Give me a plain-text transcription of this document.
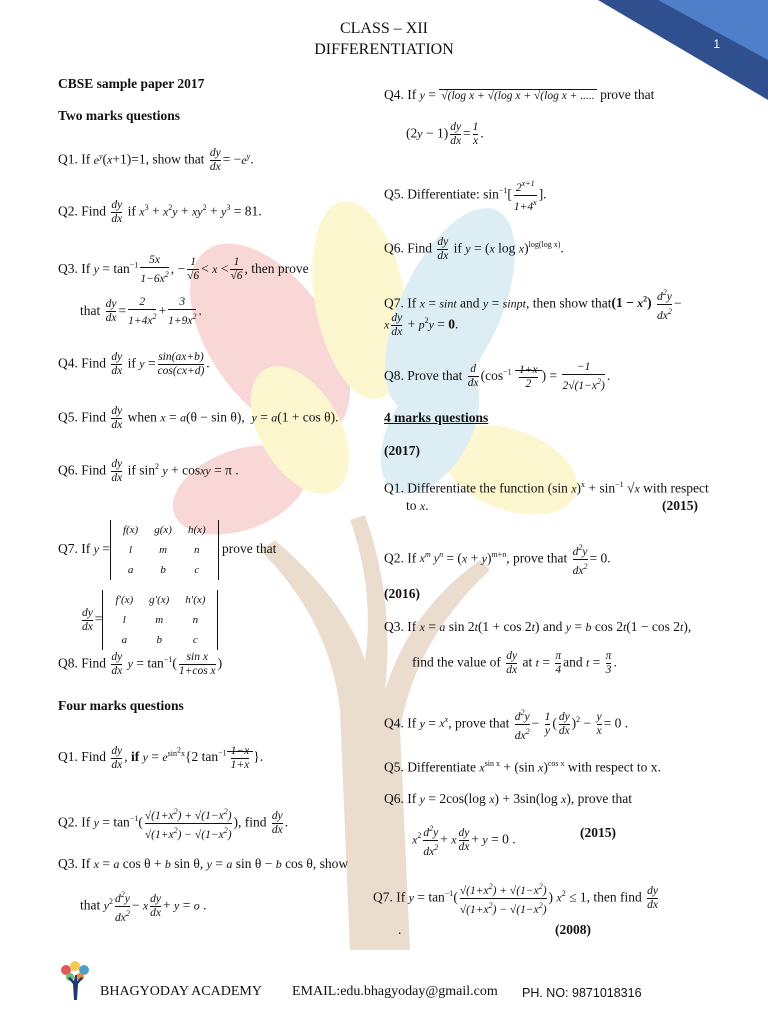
1
CLASS – XII
DIFFERENTIATION
CBSE sample paper 2017
Two marks questions
Q1. If $e^y(x+1)=1$, show that $\frac{dy}{dx} = -e^y$.
Q2. Find $\frac{dy}{dx}$ if $x^3 + x^2y + xy^2 + y^3 = 81$.
Q3. If $y = \tan^{-1} \frac{5x}{1-6x^2}$ , − $\frac{1}{√6} < x < \frac{1}{√6}$ , then prove
that $\frac{dy}{dx} = \frac{2}{1+4x^2} + \frac{3}{1+9x^2}$ .
Q4. Find $\frac{dy}{dx}$ if $y = \frac{\sin(ax+b)}{\cos(cx+d)}$ .
Q5. Find $\frac{dy}{dx}$ when x = a(θ − sin θ),  y = a(1 + cos θ).
Q6. Find $\frac{dy}{dx}$ if $\sin^2 y$ + cosxy = π .
Q7. If y =
f(x)	g(x)	h(x)
l	m	n
a	b	c
prove that
$\frac{dy}{dx}$ =
f′(x)	g′(x)	h′(x)
l	m	n
a	b	c
Q8. Find $\frac{dy}{dx}$ $y = \tan^{-1}( \frac{\text{sin x}}{\text{1+cos x}}$ )
Four marks questions
Q1. Find $\frac{dy}{dx}$ , if $y = e^{sin^2x}\{2$ $\tan^{-1} \frac{1-x}{1+x}$ }.
Q2. If $y = \tan^{-1}( \frac{√(1+x^2) + √(1-x^2)}{√(1+x^2) - √(1-x^2)}$ ), find $\frac{dy}{dx}$ .
Q3. If x = a cos θ + b sin θ, y = a sin θ − b cos θ, show
that $y^2 \frac{d^2y}{dx^2} - x \frac{dy}{dx} + y = o$ .
Q4. If y = √(log x + √(log x + √(log x + ..... prove that
$(2y - 1) \frac{dy}{dx} = \frac{1}{x}$ .
Q5. Differentiate: $\sin^{-1}[ \frac{2^{x+1}}{1+4^x}$ ].
Q6. Find $\frac{dy}{dx}$ if y = (x log x)$^{log(log x)}$.
Q7. If x = sint and y = sinpt, then show that(1 − $x^2) \frac{d^2y}{dx^2}$ −
x $\frac{dy}{dx} + p^2y = 0$.
Q8. Prove that $\frac{d}{dx} (\cos^{-1} \frac{1+x}{2}$ ) = $\frac{-1}{2√(1-x^2)}$ .
4 marks questions
(2017)
Q1. Differentiate the function (sin $x)^x + \sin^{-1} √x$ with respect
to x.	(2015)
Q2. If $x^m$ $y^n = (x + y)^{m+n}$, prove that $\frac{d^2y}{dx^2} = 0$.
(2016)
Q3. If x = a sin 2t(1 + cos 2t) and y = b cos 2t(1 − cos 2t),
find the value of $\frac{dy}{dx}$ at $t = \frac{\pi}{4}$ and $t = \frac{\pi}{3}$ .
Q4. If $y = x^x$, prove that $\frac{d^2y}{dx^2} - \frac{1}{y}$ ( $\frac{dy}{dx} )^2 - \frac{y}{x} = 0$ .
Q5. Differentiate $x^{sin x} + (\sin$ x)$^{cos x}$ with respect to x.
Q6. If y = 2cos(log x) + 3sin(log x), prove that
$x^2 \frac{d^2y}{dx^2} + x \frac{dy}{dx} + y = 0$ .	(2015)
Q7. If $y = \tan^{-1}( \frac{√(1+x^2) + √(1-x^2)}{√(1+x^2) - √(1-x^2)}$ ) $x^2 \le 1$, then find $\frac{dy}{dx}$
.	(2008)
BHAGYODAY ACADEMY EMAIL:edu.bhagyoday@gmail.com PH. NO: 9871018316
